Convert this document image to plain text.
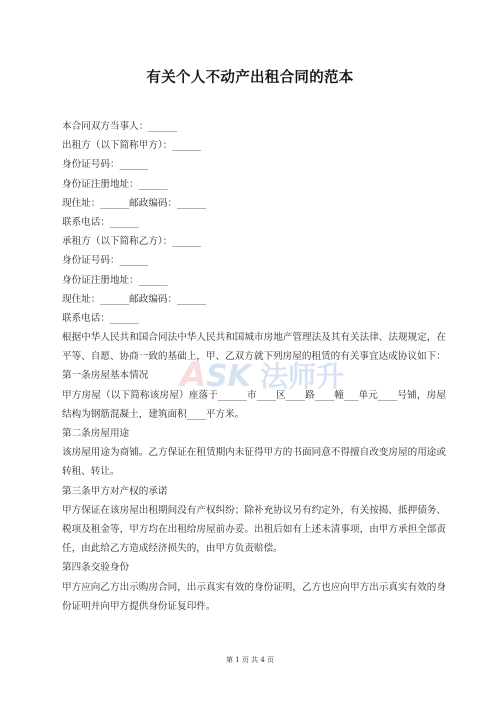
有关个人不动产出租合同的范本
本合同双方当事人：______
出租方（以下简称甲方）：______
身份证号码：______
身份证注册地址：______
现住址：______邮政编码：______
联系电话：______
承租方（以下简称乙方）：______
身份证号码：______
身份证注册地址：______
现住址：______邮政编码：______
联系电话：______
根据中华人民共和国合同法中华人民共和国城市房地产管理法及其有关法律、法规规定，在平等、自愿、协商一致的基础上，甲、乙双方就下列房屋的租赁的有关事宜达成协议如下：
第一条房屋基本情况
甲方房屋（以下简称该房屋）座落于______市____区____路____幢___单元____号铺，房屋结构为钢筋混凝土，建筑面积____平方米。
第二条房屋用途
该房屋用途为商铺。乙方保证在租赁期内未征得甲方的书面同意不得擅自改变房屋的用途或转租、转让。
第三条甲方对产权的承诺
甲方保证在该房屋出租期间没有产权纠纷；除补充协议另有约定外，有关按揭、抵押债务、税项及租金等，甲方均在出租给房屋前办妥。出租后如有上述未清事项，由甲方承担全部责任，由此给乙方造成经济损失的，由甲方负责赔偿。
第四条交验身份
甲方应向乙方出示购房合同，出示真实有效的身份证明，乙方也应向甲方出示真实有效的身份证明并向甲方提供身份证复印件。
A SK 法师升
第 1 页 共 4 页
